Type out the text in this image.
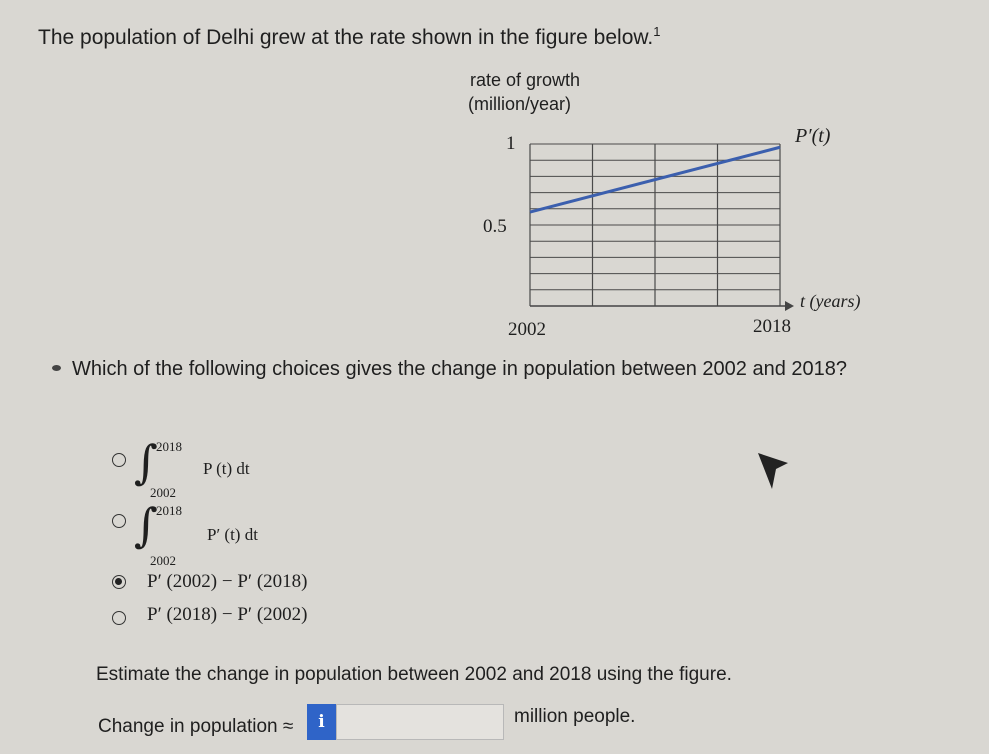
The population of Delhi grew at the rate shown in the figure below.$^1$
rate of growth
(million/year)
1
0.5
2002	2018
t (years)
P′(t)
Which of the following choices gives the change in population between 2002 and 2018?
∫
2018
2002
P (t) dt
∫
2018
2002
P′ (t) dt
P′ (2002) − P′ (2018)
P′ (2018) − P′ (2002)
Estimate the change in population between 2002 and 2018 using the figure.
Change in population ≈	i	million people.
